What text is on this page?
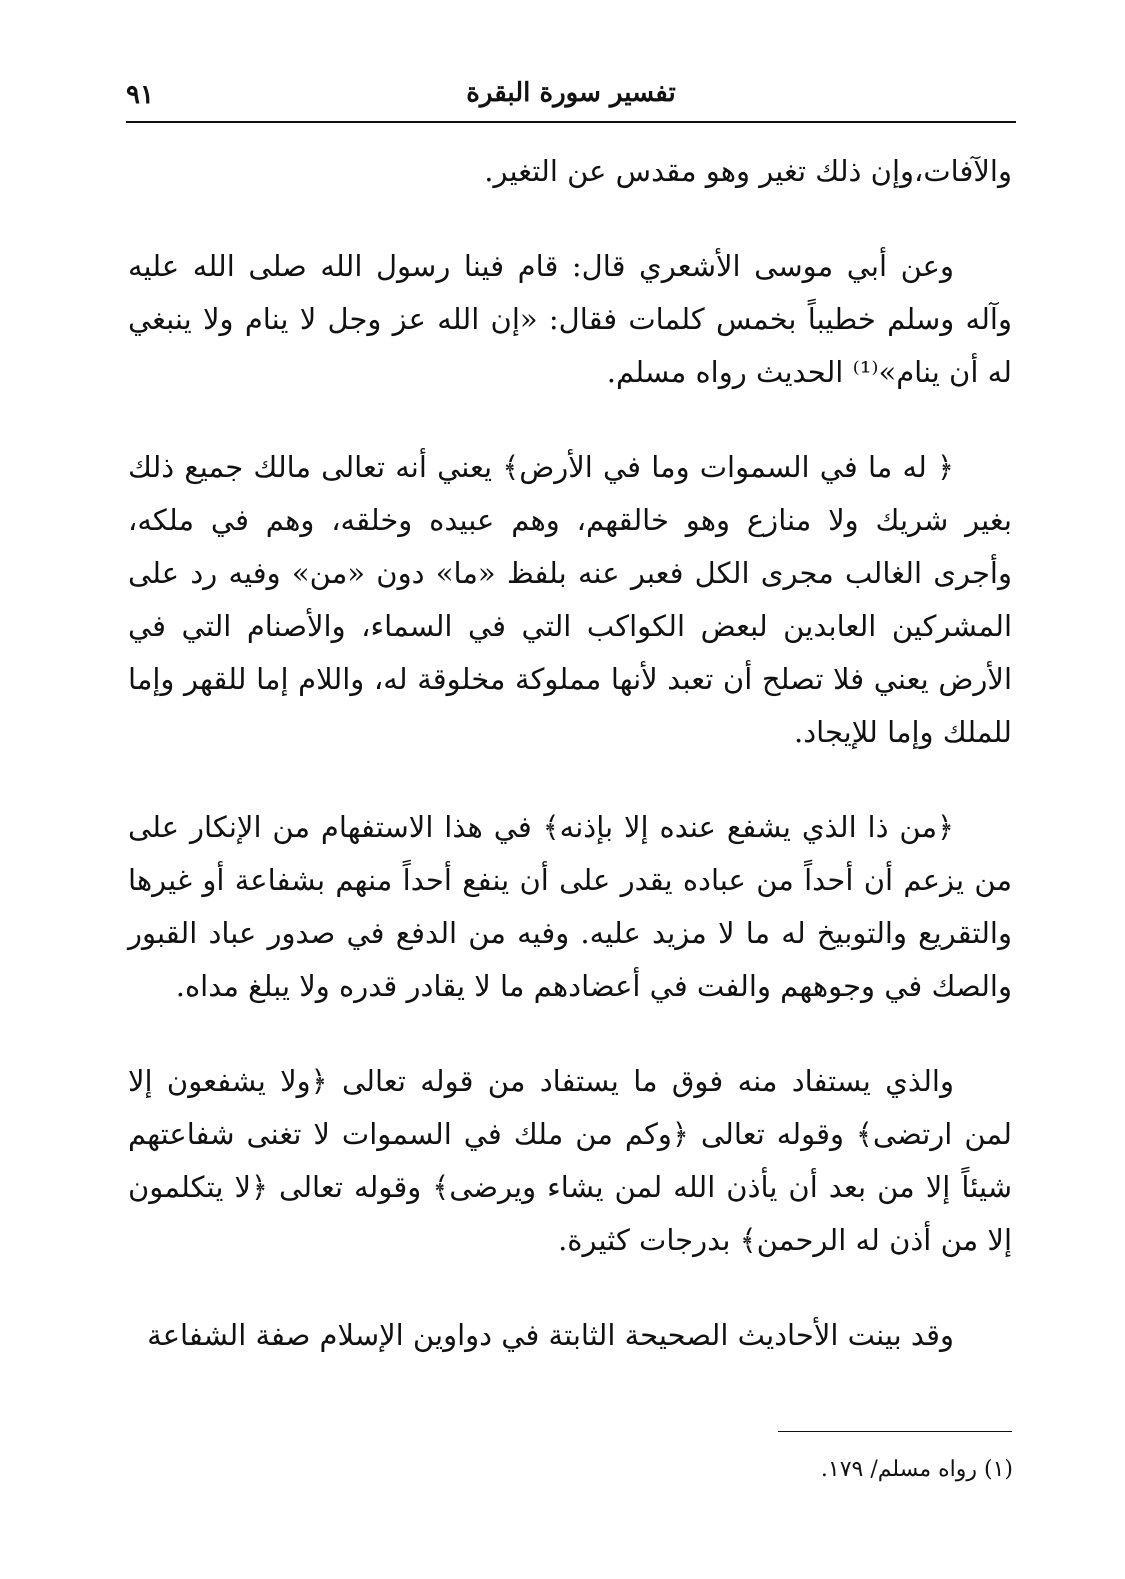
٩١	تفسير سورة البقرة

والآفات،وإن ذلك تغير وهو مقدس عن التغير.

وعن أبي موسى الأشعري قال: قام فينا رسول الله صلى الله عليه وآله وسلم خطيباً بخمس كلمات فقال: «إن الله عز وجل لا ينام ولا ينبغي له أن ينام»⁽¹⁾ الحديث رواه مسلم.

﴿ له ما في السموات وما في الأرض﴾ يعني أنه تعالى مالك جميع ذلك بغير شريك ولا منازع وهو خالقهم، وهم عبيده وخلقه، وهم في ملكه، وأجرى الغالب مجرى الكل فعبر عنه بلفظ «ما» دون «من» وفيه رد على المشركين العابدين لبعض الكواكب التي في السماء، والأصنام التي في الأرض يعني فلا تصلح أن تعبد لأنها مملوكة مخلوقة له، واللام إما للقهر وإما للملك وإما للإيجاد.

﴿من ذا الذي يشفع عنده إلا بإذنه﴾ في هذا الاستفهام من الإنكار على من يزعم أن أحداً من عباده يقدر على أن ينفع أحداً منهم بشفاعة أو غيرها والتقريع والتوبيخ له ما لا مزيد عليه. وفيه من الدفع في صدور عباد القبور والصك في وجوههم والفت في أعضادهم ما لا يقادر قدره ولا يبلغ مداه.

والذي يستفاد منه فوق ما يستفاد من قوله تعالى ﴿ولا يشفعون إلا لمن ارتضى﴾ وقوله تعالى ﴿وكم من ملك في السموات لا تغنى شفاعتهم شيئاً إلا من بعد أن يأذن الله لمن يشاء ويرضى﴾ وقوله تعالى ﴿لا يتكلمون إلا من أذن له الرحمن﴾ بدرجات كثيرة.

وقد بينت الأحاديث الصحيحة الثابتة في دواوين الإسلام صفة الشفاعة

(١) رواه مسلم/ ١٧٩.
